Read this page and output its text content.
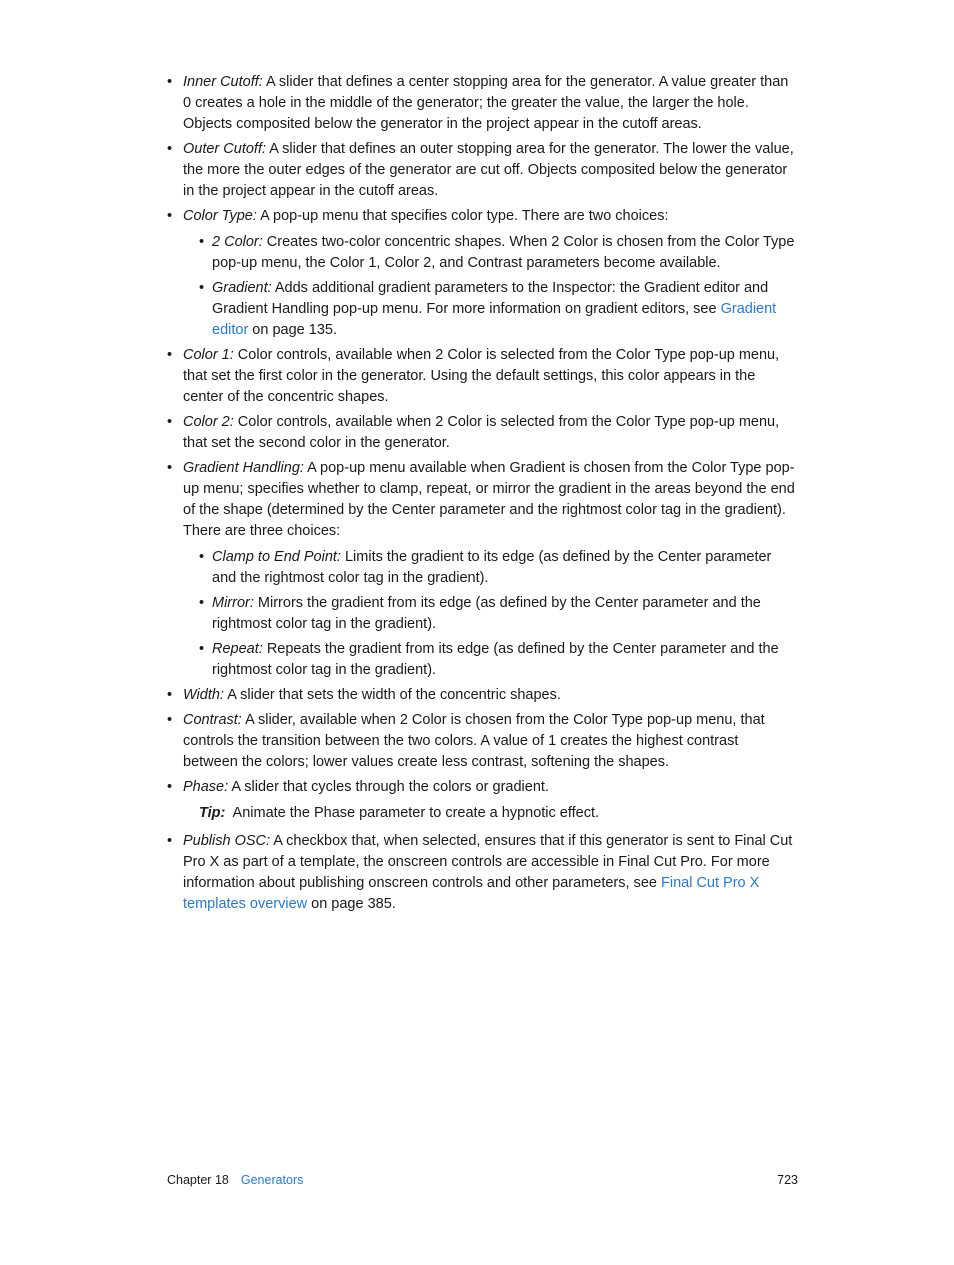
• Inner Cutoff: A slider that defines a center stopping area for the generator. A value greater than 0 creates a hole in the middle of the generator; the greater the value, the larger the hole. Objects composited below the generator in the project appear in the cutoff areas.
• Outer Cutoff: A slider that defines an outer stopping area for the generator. The lower the value, the more the outer edges of the generator are cut off. Objects composited below the generator in the project appear in the cutoff areas.
• Color Type: A pop-up menu that specifies color type. There are two choices:
• 2 Color: Creates two-color concentric shapes. When 2 Color is chosen from the Color Type pop-up menu, the Color 1, Color 2, and Contrast parameters become available.
• Gradient: Adds additional gradient parameters to the Inspector: the Gradient editor and Gradient Handling pop-up menu. For more information on gradient editors, see Gradient editor on page 135.
• Color 1: Color controls, available when 2 Color is selected from the Color Type pop-up menu, that set the first color in the generator. Using the default settings, this color appears in the center of the concentric shapes.
• Color 2: Color controls, available when 2 Color is selected from the Color Type pop-up menu, that set the second color in the generator.
• Gradient Handling: A pop-up menu available when Gradient is chosen from the Color Type pop-up menu; specifies whether to clamp, repeat, or mirror the gradient in the areas beyond the end of the shape (determined by the Center parameter and the rightmost color tag in the gradient). There are three choices:
• Clamp to End Point: Limits the gradient to its edge (as defined by the Center parameter and the rightmost color tag in the gradient).
• Mirror: Mirrors the gradient from its edge (as defined by the Center parameter and the rightmost color tag in the gradient).
• Repeat: Repeats the gradient from its edge (as defined by the Center parameter and the rightmost color tag in the gradient).
• Width: A slider that sets the width of the concentric shapes.
• Contrast: A slider, available when 2 Color is chosen from the Color Type pop-up menu, that controls the transition between the two colors. A value of 1 creates the highest contrast between the colors; lower values create less contrast, softening the shapes.
• Phase: A slider that cycles through the colors or gradient.
Tip: Animate the Phase parameter to create a hypnotic effect.
• Publish OSC: A checkbox that, when selected, ensures that if this generator is sent to Final Cut Pro X as part of a template, the onscreen controls are accessible in Final Cut Pro. For more information about publishing onscreen controls and other parameters, see Final Cut Pro X templates overview on page 385.
Chapter 18 Generators	723
